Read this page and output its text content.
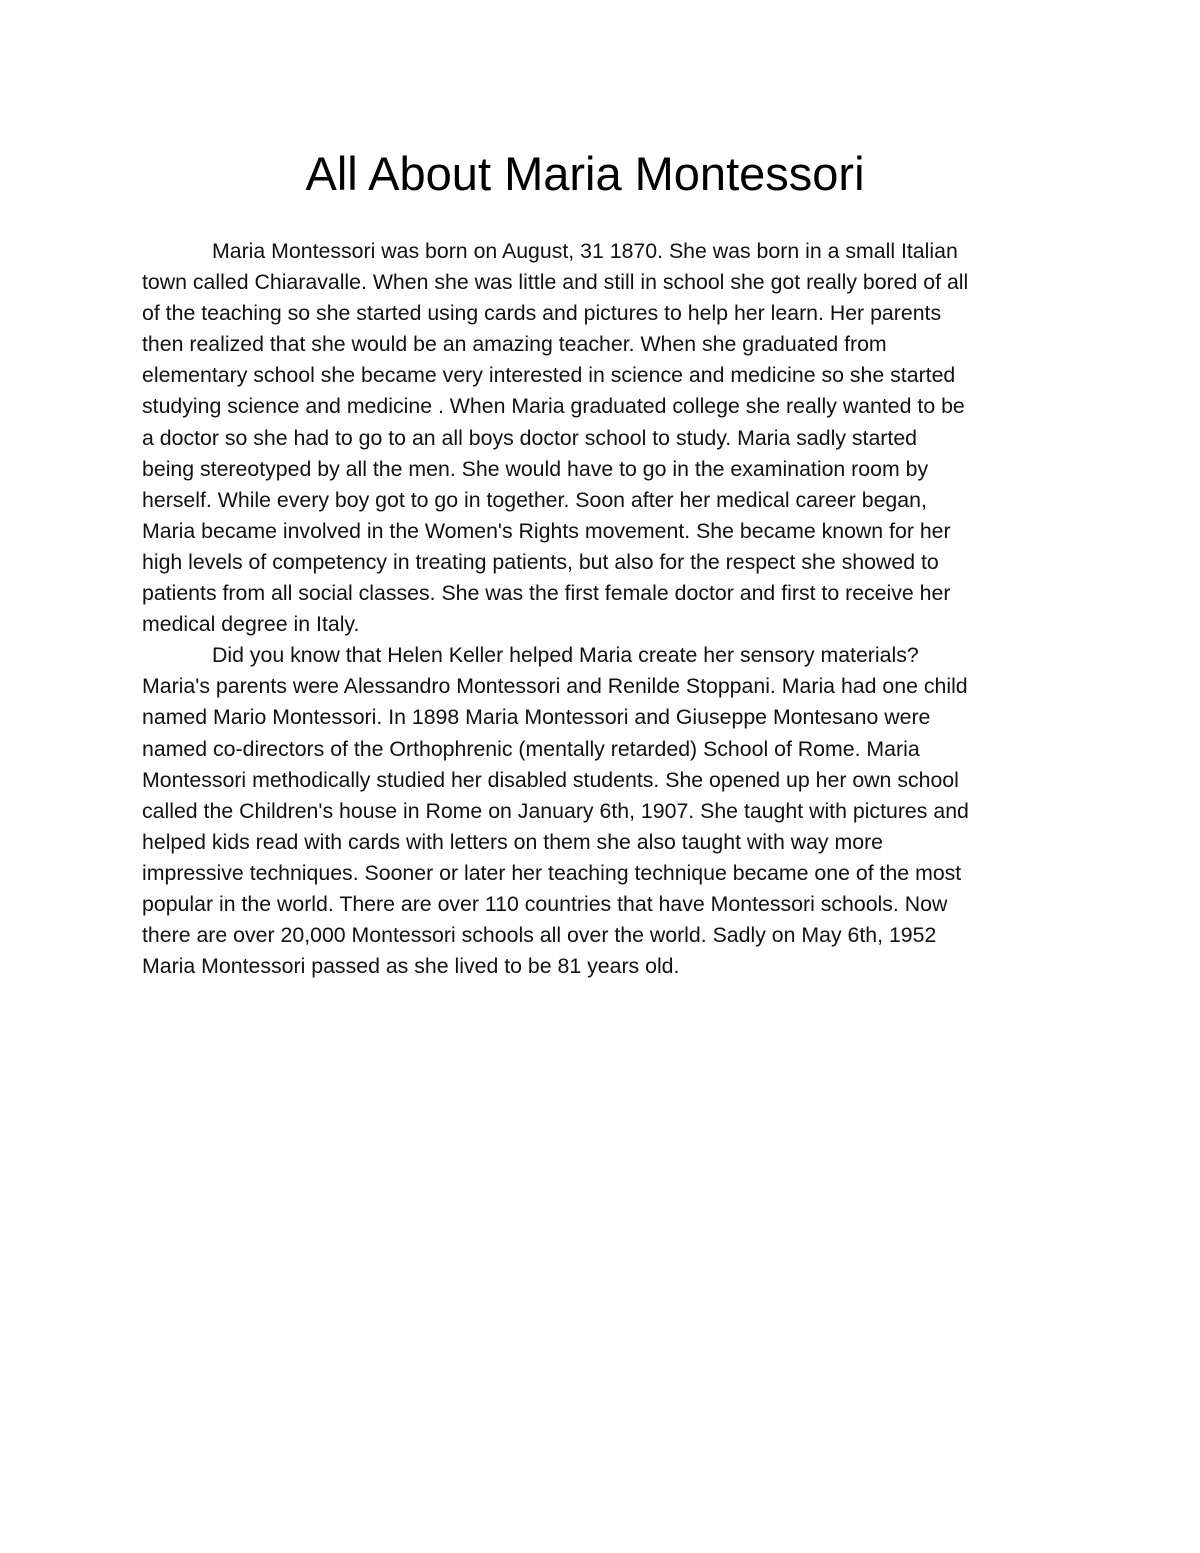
All About Maria Montessori
Maria Montessori was born on August, 31 1870. She was born in a small Italian
town called Chiaravalle. When she was little and still in school she got really bored of all
of the teaching so she started using cards and pictures to help her learn. Her parents
then realized that she would be an amazing teacher. When she graduated from
elementary school she became very interested in science and medicine so she started
studying science and medicine . When Maria graduated college she really wanted to be
a doctor so she had to go to an all boys doctor school to study. Maria sadly started
being stereotyped by all the men. She would have to go in the examination room by
herself. While every boy got to go in together. Soon after her medical career began,
Maria became involved in the Women's Rights movement. She became known for her
high levels of competency in treating patients, but also for the respect she showed to
patients from all social classes. She was the first female doctor and first to receive her
medical degree in Italy.
Did you know that Helen Keller helped Maria create her sensory materials?
Maria's parents were Alessandro Montessori and Renilde Stoppani. Maria had one child
named Mario Montessori. In 1898 Maria Montessori and Giuseppe Montesano were
named co-directors of the Orthophrenic (mentally retarded) School of Rome. Maria
Montessori methodically studied her disabled students. She opened up her own school
called the Children's house in Rome on January 6th, 1907. She taught with pictures and
helped kids read with cards with letters on them she also taught with way more
impressive techniques. Sooner or later her teaching technique became one of the most
popular in the world. There are over 110 countries that have Montessori schools. Now
there are over 20,000 Montessori schools all over the world. Sadly on May 6th, 1952
Maria Montessori passed as she lived to be 81 years old.
